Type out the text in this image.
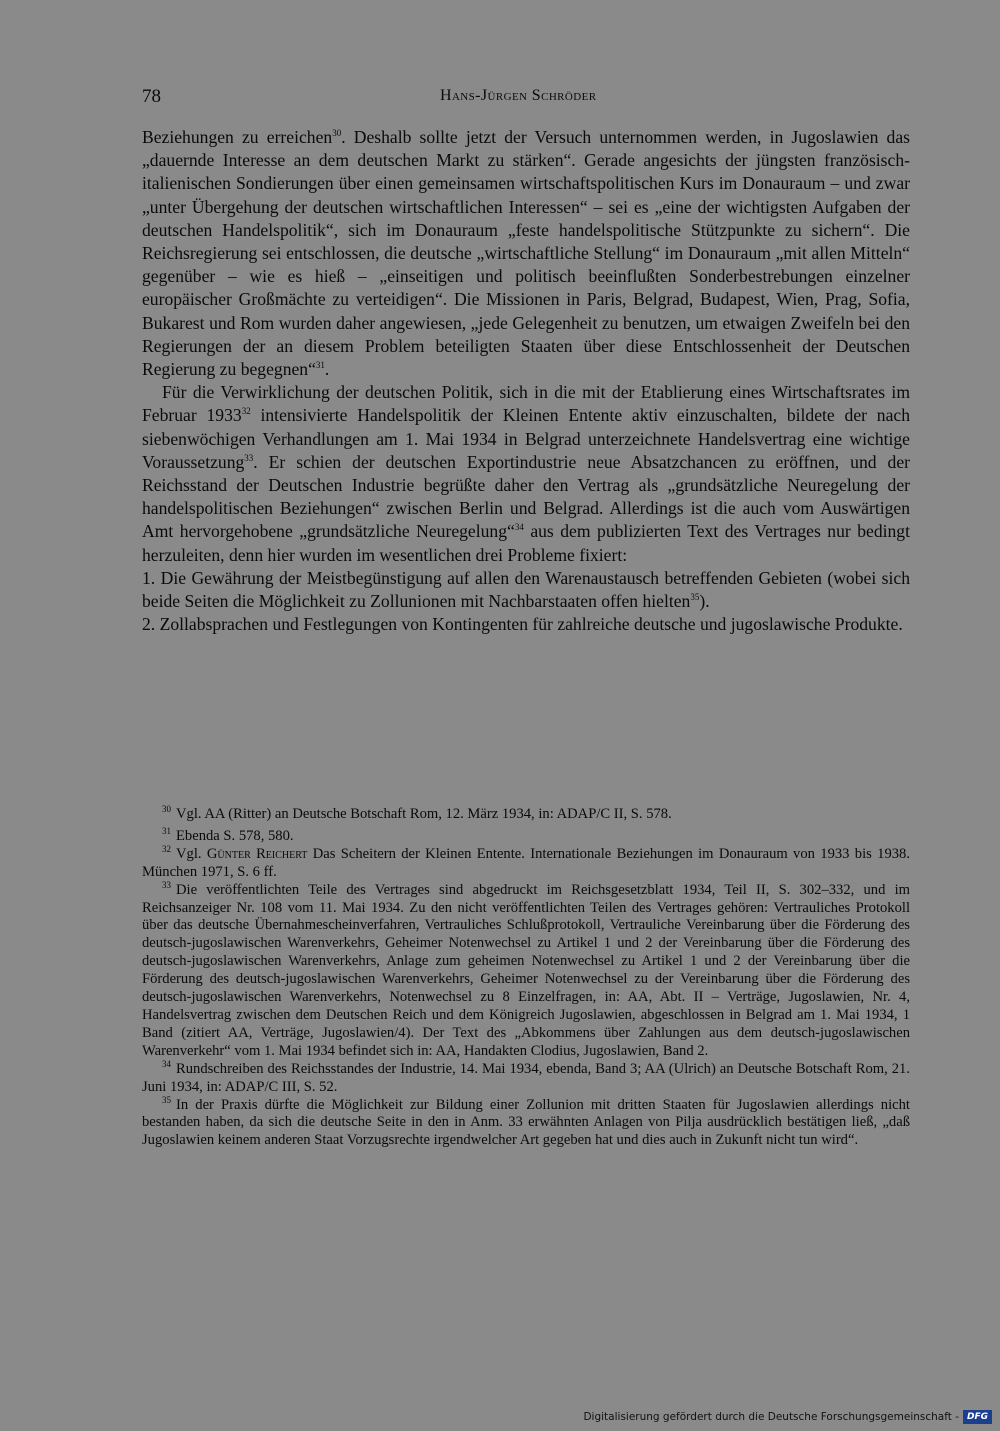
78	Hans-Jürgen Schröder

Beziehungen zu erreichen$^{30}$. Deshalb sollte jetzt der Versuch unternommen werden, in Jugoslawien das „dauernde Interesse an dem deutschen Markt zu stärken“. Gerade angesichts der jüngsten französisch-italienischen Sondierungen über einen gemeinsamen wirtschaftspolitischen Kurs im Donauraum – und zwar „unter Übergehung der deutschen wirtschaftlichen Interessen“ – sei es „eine der wichtigsten Aufgaben der deutschen Handelspolitik“, sich im Donauraum „feste handelspolitische Stützpunkte zu sichern“. Die Reichsregierung sei entschlossen, die deutsche „wirtschaftliche Stellung“ im Donauraum „mit allen Mitteln“ gegenüber – wie es hieß – „einseitigen und politisch beeinflußten Sonderbestrebungen einzelner europäischer Großmächte zu verteidigen“. Die Missionen in Paris, Belgrad, Budapest, Wien, Prag, Sofia, Bukarest und Rom wurden daher angewiesen, „jede Gelegenheit zu benutzen, um etwaigen Zweifeln bei den Regierungen der an diesem Problem beteiligten Staaten über diese Entschlossenheit der Deutschen Regierung zu begegnen“$^{31}$.

Für die Verwirklichung der deutschen Politik, sich in die mit der Etablierung eines Wirtschaftsrates im Februar 1933$^{32}$ intensivierte Handelspolitik der Kleinen Entente aktiv einzuschalten, bildete der nach siebenwöchigen Verhandlungen am 1. Mai 1934 in Belgrad unterzeichnete Handelsvertrag eine wichtige Voraussetzung$^{33}$. Er schien der deutschen Exportindustrie neue Absatzchancen zu eröffnen, und der Reichsstand der Deutschen Industrie begrüßte daher den Vertrag als „grundsätzliche Neuregelung der handelspolitischen Beziehungen“ zwischen Berlin und Belgrad. Allerdings ist die auch vom Auswärtigen Amt hervorgehobene „grundsätzliche Neuregelung“$^{34}$ aus dem publizierten Text des Vertrages nur bedingt herzuleiten, denn hier wurden im wesentlichen drei Probleme fixiert:

1. Die Gewährung der Meistbegünstigung auf allen den Warenaustausch betreffenden Gebieten (wobei sich beide Seiten die Möglichkeit zu Zollunionen mit Nachbarstaaten offen hielten$^{35}$).

2. Zollabsprachen und Festlegungen von Kontingenten für zahlreiche deutsche und jugoslawische Produkte.

$^{30}$ Vgl. AA (Ritter) an Deutsche Botschaft Rom, 12. März 1934, in: ADAP/C II, S. 578.

$^{31}$ Ebenda S. 578, 580.

$^{32}$ Vgl. Günter Reichert Das Scheitern der Kleinen Entente. Internationale Beziehungen im Donauraum von 1933 bis 1938. München 1971, S. 6 ff.

$^{33}$ Die veröffentlichten Teile des Vertrages sind abgedruckt im Reichsgesetzblatt 1934, Teil II, S. 302–332, und im Reichsanzeiger Nr. 108 vom 11. Mai 1934. Zu den nicht veröffentlichten Teilen des Vertrages gehören: Vertrauliches Protokoll über das deutsche Übernahmescheinverfahren, Vertrauliches Schlußprotokoll, Vertrauliche Vereinbarung über die Förderung des deutsch-jugoslawischen Warenverkehrs, Geheimer Notenwechsel zu Artikel 1 und 2 der Vereinbarung über die Förderung des deutsch-jugoslawischen Warenverkehrs, Anlage zum geheimen Notenwechsel zu Artikel 1 und 2 der Vereinbarung über die Förderung des deutsch-jugoslawischen Warenverkehrs, Geheimer Notenwechsel zu der Vereinbarung über die Förderung des deutsch-jugoslawischen Warenverkehrs, Notenwechsel zu 8 Einzelfragen, in: AA, Abt. II – Verträge, Jugoslawien, Nr. 4, Handelsvertrag zwischen dem Deutschen Reich und dem Königreich Jugoslawien, abgeschlossen in Belgrad am 1. Mai 1934, 1 Band (zitiert AA, Verträge, Jugoslawien/4). Der Text des „Abkommens über Zahlungen aus dem deutsch-jugoslawischen Warenverkehr“ vom 1. Mai 1934 befindet sich in: AA, Handakten Clodius, Jugoslawien, Band 2.

$^{34}$ Rundschreiben des Reichsstandes der Industrie, 14. Mai 1934, ebenda, Band 3; AA (Ulrich) an Deutsche Botschaft Rom, 21. Juni 1934, in: ADAP/C III, S. 52.

$^{35}$ In der Praxis dürfte die Möglichkeit zur Bildung einer Zollunion mit dritten Staaten für Jugoslawien allerdings nicht bestanden haben, da sich die deutsche Seite in den in Anm. 33 erwähnten Anlagen von Pilja ausdrücklich bestätigen ließ, „daß Jugoslawien keinem anderen Staat Vorzugsrechte irgendwelcher Art gegeben hat und dies auch in Zukunft nicht tun wird“.

Digitalisierung gefördert durch die Deutsche Forschungsgemeinschaft - DFG
